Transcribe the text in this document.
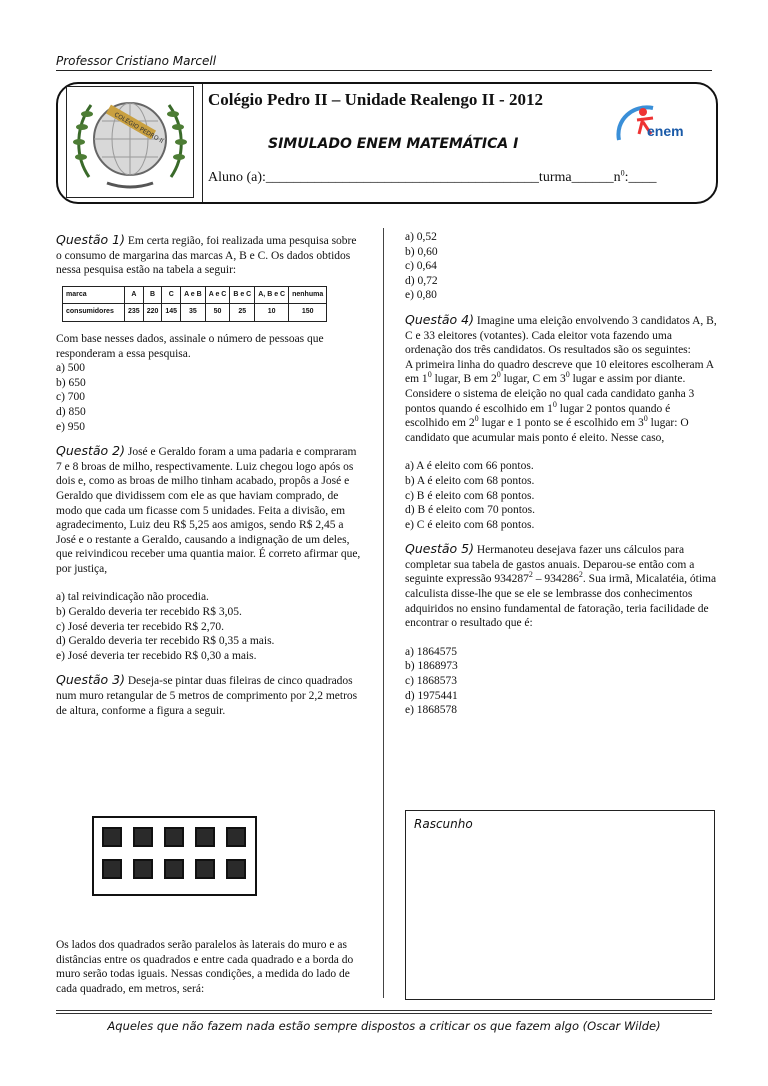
Professor Cristiano Marcell
COLÉGIO PEDRO II
Colégio Pedro II – Unidade Realengo II - 2012
SIMULADO ENEM MATEMÁTICA I
Aluno $(a):\_\_\_\_\_\_\_\_\_\_\_\_\_\_\_\_\_\_\_\_\_\_\_\_\_\_\_\_\_\_\_\_\_\_\_\_\_\_\_turma\_\_\_\_\_\_n^0:\_\_\_\_$
enem
Questão 1) Em certa região, foi realizada uma pesquisa sobre o consumo de margarina das marcas A, B e C. Os dados obtidos nessa pesquisa estão na tabela a seguir:
marca	A	B	C	A e B	A e C	B e C	A, B e C	nenhuma
consumidores	235	220	145	35	50	25	10	150
Com base nesses dados, assinale o número de pessoas que responderam a essa pesquisa.
a) 500
b) 650
c) 700
d) 850
e) 950
Questão 2) José e Geraldo foram a uma padaria e compraram 7 e 8 broas de milho, respectivamente. Luiz chegou logo após os dois e, como as broas de milho tinham acabado, propôs a José e Geraldo que dividissem com ele as que haviam comprado, de modo que cada um ficasse com 5 unidades. Feita a divisão, em agradecimento, Luiz deu R$ 5,25 aos amigos, sendo R$ 2,45 a José e o restante a Geraldo, causando a indignação de um deles, que reivindicou receber uma quantia maior. É correto afirmar que, por justiça,
a) tal reivindicação não procedia.
b) Geraldo deveria ter recebido R$ 3,05.
c) José deveria ter recebido R$ 2,70.
d) Geraldo deveria ter recebido R$ 0,35 a mais.
e) José deveria ter recebido R$ 0,30 a mais.
Questão 3) Deseja-se pintar duas fileiras de cinco quadrados num muro retangular de 5 metros de comprimento por 2,2 metros de altura, conforme a figura a seguir.
Os lados dos quadrados serão paralelos às laterais do muro e as distâncias entre os quadrados e entre cada quadrado e a borda do muro serão todas iguais. Nessas condições, a medida do lado de cada quadrado, em metros, será:
a) 0,52
b) 0,60
c) 0,64
d) 0,72
e) 0,80
Questão 4) Imagine uma eleição envolvendo 3 candidatos A, B, C e 33 eleitores (votantes). Cada eleitor vota fazendo uma ordenação dos três candidatos. Os resultados são os seguintes:
A primeira linha do quadro descreve que 10 eleitores escolheram A em $1^0$ lugar, B em $2^0$ lugar, C em $3^0$ lugar e assim por diante.
Considere o sistema de eleição no qual cada candidato ganha 3 pontos quando é escolhido em $1^0$ lugar 2 pontos quando é escolhido em $2^0$ lugar e 1 ponto se é escolhido em $3^0$ lugar: O candidato que acumular mais ponto é eleito. Nesse caso,
a) A é eleito com 66 pontos.
b) A é eleito com 68 pontos.
c) B é eleito com 68 pontos.
d) B é eleito com 70 pontos.
e) C é eleito com 68 pontos.
Questão 5) Hermanoteu desejava fazer uns cálculos para completar sua tabela de gastos anuais. Deparou-se então com a seguinte expressão 934287$^2$ – 934286$^2$. Sua irmã, Micalatéia, ótima calculista disse-lhe que se ele se lembrasse dos conhecimentos adquiridos no ensino fundamental de fatoração, teria facilidade de encontrar o resultado que é:
a) 1864575
b) 1868973
c) 1868573
d) 1975441
e) 1868578
Rascunho
Aqueles que não fazem nada estão sempre dispostos a criticar os que fazem algo (Oscar Wilde)
